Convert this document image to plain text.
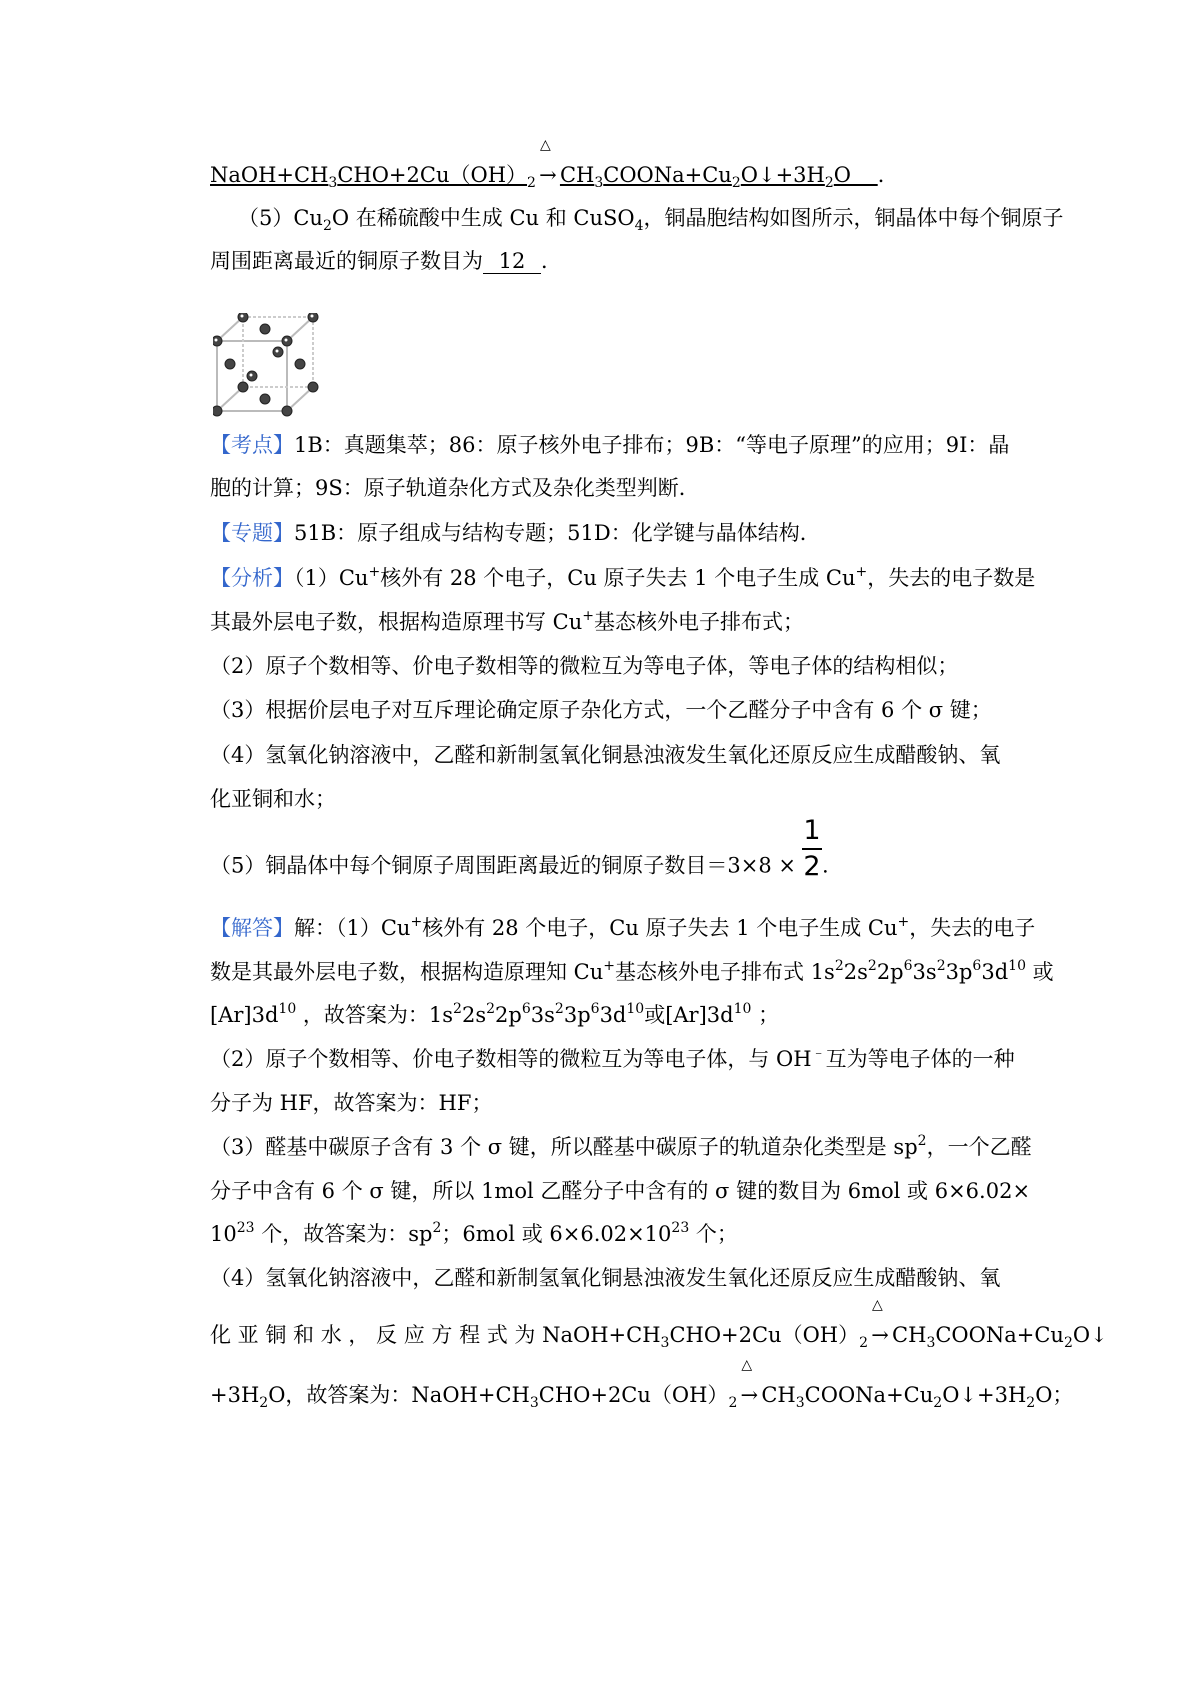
$NaOH+CH_3CHO+2Cu(OH)_2$
△
→ $CH_3COONa+Cu_2O↓+3H_2O$ ．
$(5)Cu_2O$ 在稀硫酸中生成 Cu 和 CuSO$_4$，铜晶胞结构如图所示，铜晶体中每个铜原子
周围距离最近的铜原子数目为 12 ．
【考点】1B：真题集萃；86：原子核外电子排布；9B：“等电子原理”的应用；9I：晶
胞的计算；9S：原子轨道杂化方式及杂化类型判断．
【专题】51B：原子组成与结构专题；51D：化学键与晶体结构．
【分析】（1）Cu+核外有 28 个电子，Cu 原子失去 1 个电子生成 Cu+，失去的电子数是
其最外层电子数，根据构造原理书写 Cu+基态核外电子排布式；
（2）原子个数相等、价电子数相等的微粒互为等电子体，等电子体的结构相似；
（3）根据价层电子对互斥理论确定原子杂化方式，一个乙醛分子中含有 6 个 σ 键；
（4）氢氧化钠溶液中，乙醛和新制氢氧化铜悬浊液发生氧化还原反应生成醋酸钠、氧
化亚铜和水；
（5）铜晶体中每个铜原子周围距离最近的铜原子数目$=3\times 8 \times \frac{1}{2}$ .
【解答】解：（1）Cu+核外有 28 个电子，Cu 原子失去 1 个电子生成 Cu+，失去的电子
数是其最外层电子数，根据构造原理知 Cu+基态核外电子排布式 $1s^22s^22p^63s^23p^63d^{10}$ 或
$[Ar]3d^{10}$ ，故答案为：$1s^22s^22p^63s^23p^63d^{10}$或$[Ar]3d^{10}$ ；
（2）原子个数相等、价电子数相等的微粒互为等电子体，与 OH﹣互为等电子体的一种
分子为 HF，故答案为：HF；
（3）醛基中碳原子含有 3 个 σ 键，所以醛基中碳原子的轨道杂化类型是 $sp^2$，一个乙醛
分子中含有 6 个 σ 键，所以 1mol 乙醛分子中含有的 σ 键的数目为 6mol 或 6×6.02×
$10^{23}$ 个，故答案为：$sp^2$；6mol 或 $6\times 6.02\times 10^{23}$ 个；
（4）氢氧化钠溶液中，乙醛和新制氢氧化铜悬浊液发生氧化还原反应生成醋酸钠、氧
化 亚 铜 和 水 ， 反 应 方 程 式 为 $NaOH+CH_3CHO+2Cu(OH)_2$
△
→ $CH_3COONa+Cu_2O↓$
$+3H_2O$，故答案为：$NaOH+CH_3CHO+2Cu(OH)_2$
△
→ $CH_3COONa+Cu_2O↓+3H_2O$；
